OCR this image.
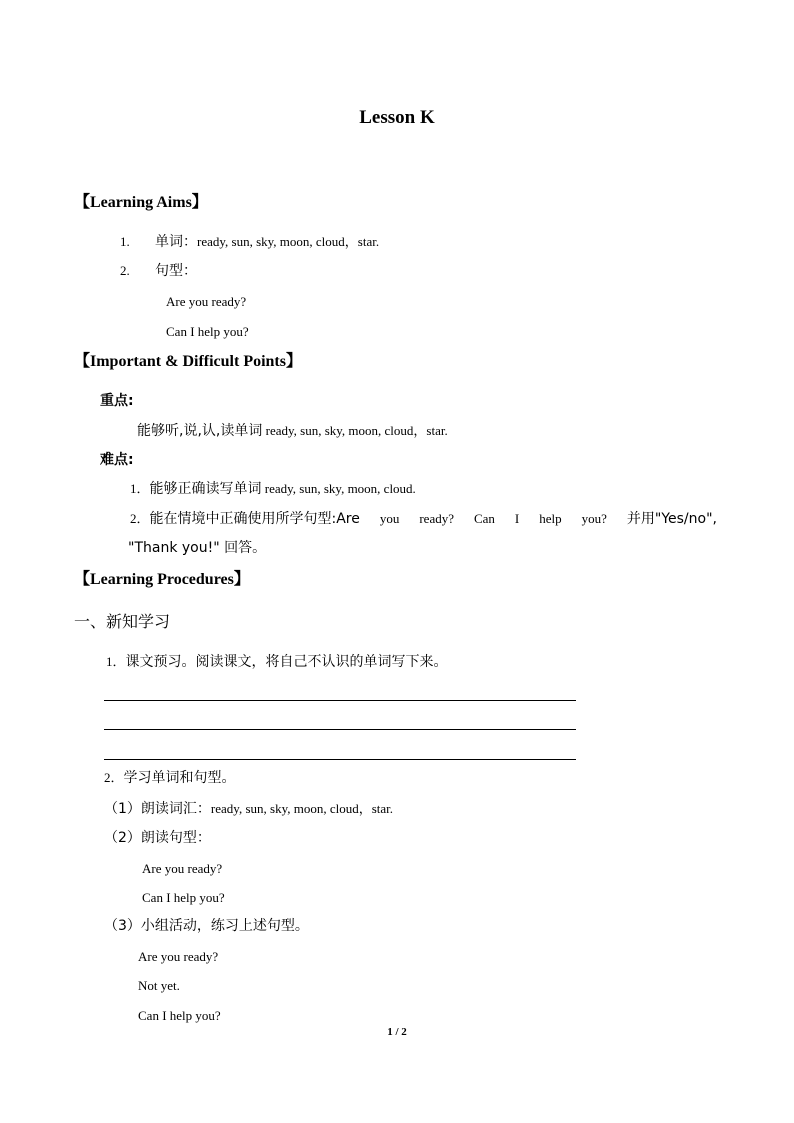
Lesson K
【Learning Aims】
1. 单词：ready, sun, sky, moon, cloud，star.
2. 句型：
Are you ready?
Can I help you?
【Important & Difficult Points】
重点:
能够听,说,认,读单词 ready, sun, sky, moon, cloud，star.
难点:
1．能够正确读写单词 ready, sun, sky, moon, cloud.
2．能在情境中正确使用所学句型:Are you ready? Can I help you? 并用"Yes/no",
"Thank you!" 回答。
【Learning Procedures】
一、新知学习
1．课文预习。阅读课文，将自己不认识的单词写下来。
2．学习单词和句型。
（1）朗读词汇：ready, sun, sky, moon, cloud，star.
（2）朗读句型：
Are you ready?
Can I help you?
（3）小组活动，练习上述句型。
Are you ready?
Not yet.
Can I help you?
1 / 2
